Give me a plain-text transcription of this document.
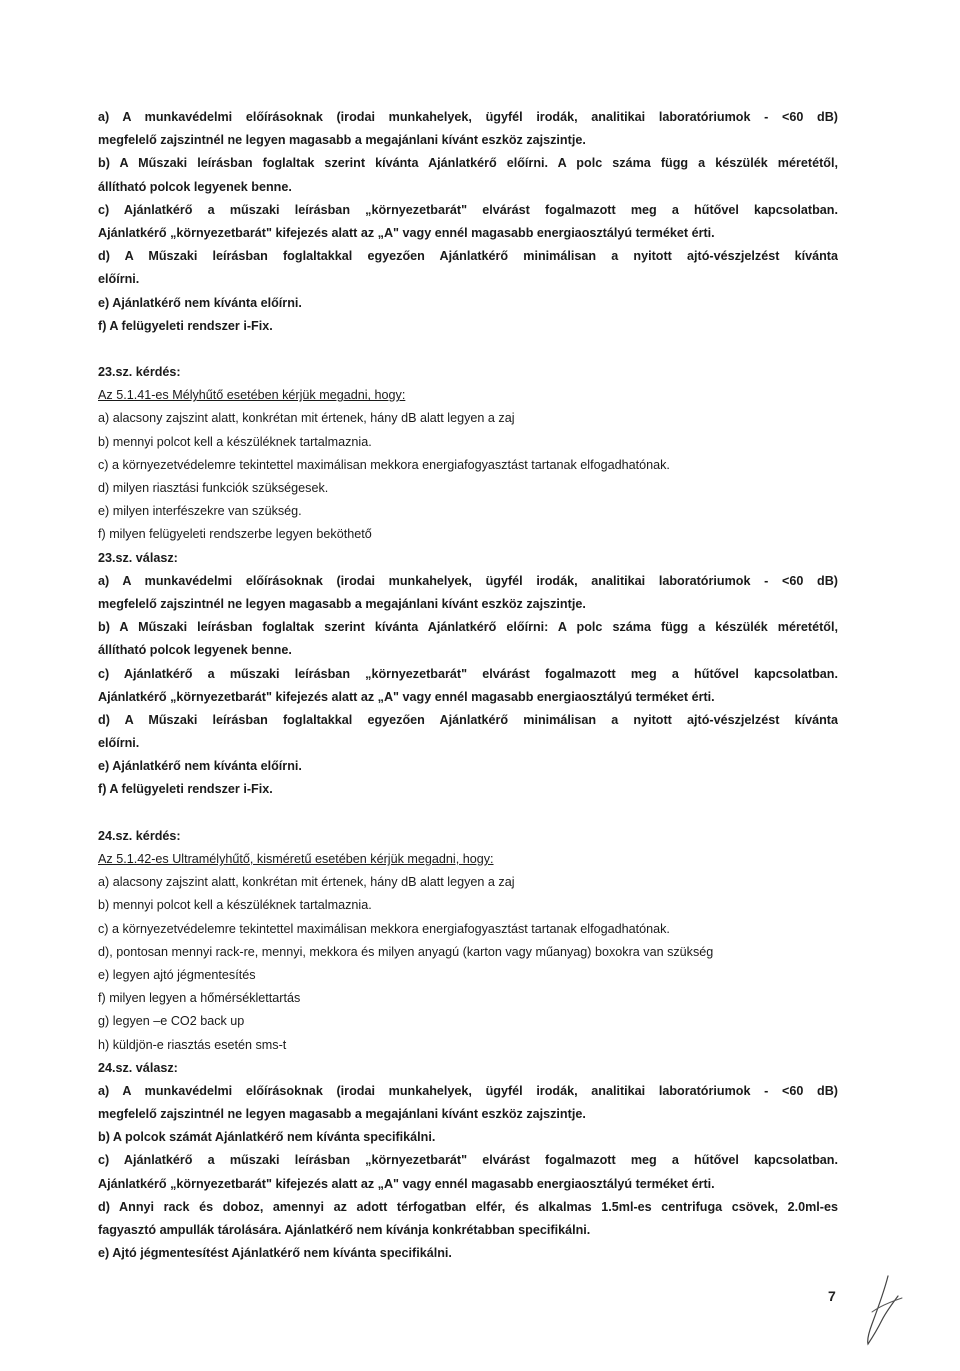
a) A munkavédelmi előírásoknak (irodai munkahelyek, ügyfél irodák, analitikai laboratóriumok - <60 dB)
megfelelő zajszintnél ne legyen magasabb a megajánlani kívánt eszköz zajszintje.
b) A Műszaki leírásban foglaltak szerint kívánta Ajánlatkérő előírni. A polc száma függ a készülék méretétől,
állítható polcok legyenek benne.
c) Ajánlatkérő a műszaki leírásban „környezetbarát" elvárást fogalmazott meg a hűtővel kapcsolatban.
Ajánlatkérő „környezetbarát" kifejezés alatt az „A" vagy ennél magasabb energiaosztályú terméket érti.
d) A Műszaki leírásban foglaltakkal egyezően Ajánlatkérő minimálisan a nyitott ajtó-vészjelzést kívánta
előírni.
e) Ajánlatkérő nem kívánta előírni.
f) A felügyeleti rendszer i-Fix.
23.sz. kérdés:
Az 5.1.41-es Mélyhűtő esetében kérjük megadni, hogy:
a) alacsony zajszint alatt, konkrétan mit értenek, hány dB alatt legyen a zaj
b) mennyi polcot kell a készüléknek tartalmaznia.
c) a környezetvédelemre tekintettel maximálisan mekkora energiafogyasztást tartanak elfogadhatónak.
d) milyen riasztási funkciók szükségesek.
e) milyen interfészekre van szükség.
f) milyen felügyeleti rendszerbe legyen beköthető
23.sz. válasz:
a) A munkavédelmi előírásoknak (irodai munkahelyek, ügyfél irodák, analitikai laboratóriumok - <60 dB)
megfelelő zajszintnél ne legyen magasabb a megajánlani kívánt eszköz zajszintje.
b) A Műszaki leírásban foglaltak szerint kívánta Ajánlatkérő előírni: A polc száma függ a készülék méretétől,
állítható polcok legyenek benne.
c) Ajánlatkérő a műszaki leírásban „környezetbarát" elvárást fogalmazott meg a hűtővel kapcsolatban.
Ajánlatkérő „környezetbarát" kifejezés alatt az „A" vagy ennél magasabb energiaosztályú terméket érti.
d) A Műszaki leírásban foglaltakkal egyezően Ajánlatkérő minimálisan a nyitott ajtó-vészjelzést kívánta
előírni.
e) Ajánlatkérő nem kívánta előírni.
f) A felügyeleti rendszer i-Fix.
24.sz. kérdés:
Az 5.1.42-es Ultramélyhűtő, kisméretű esetében kérjük megadni, hogy:
a) alacsony zajszint alatt, konkrétan mit értenek, hány dB alatt legyen a zaj
b) mennyi polcot kell a készüléknek tartalmaznia.
c) a környezetvédelemre tekintettel maximálisan mekkora energiafogyasztást tartanak elfogadhatónak.
d), pontosan mennyi rack-re, mennyi, mekkora és milyen anyagú (karton vagy műanyag) boxokra van szükség
e) legyen ajtó jégmentesítés
f) milyen legyen a hőmérséklettartás
g) legyen –e CO2 back up
h) küldjön-e riasztás esetén sms-t
24.sz. válasz:
a) A munkavédelmi előírásoknak (irodai munkahelyek, ügyfél irodák, analitikai laboratóriumok - <60 dB)
megfelelő zajszintnél ne legyen magasabb a megajánlani kívánt eszköz zajszintje.
b) A polcok számát Ajánlatkérő nem kívánta specifikálni.
c) Ajánlatkérő a műszaki leírásban „környezetbarát" elvárást fogalmazott meg a hűtővel kapcsolatban.
Ajánlatkérő „környezetbarát" kifejezés alatt az „A" vagy ennél magasabb energiaosztályú terméket érti.
d) Annyi rack és doboz, amennyi az adott térfogatban elfér, és alkalmas 1.5ml-es centrifuga csövek, 2.0ml-es
fagyasztó ampullák tárolására. Ajánlatkérő nem kívánja konkrétabban specifikálni.
e) Ajtó jégmentesítést Ajánlatkérő nem kívánta specifikálni.
7
